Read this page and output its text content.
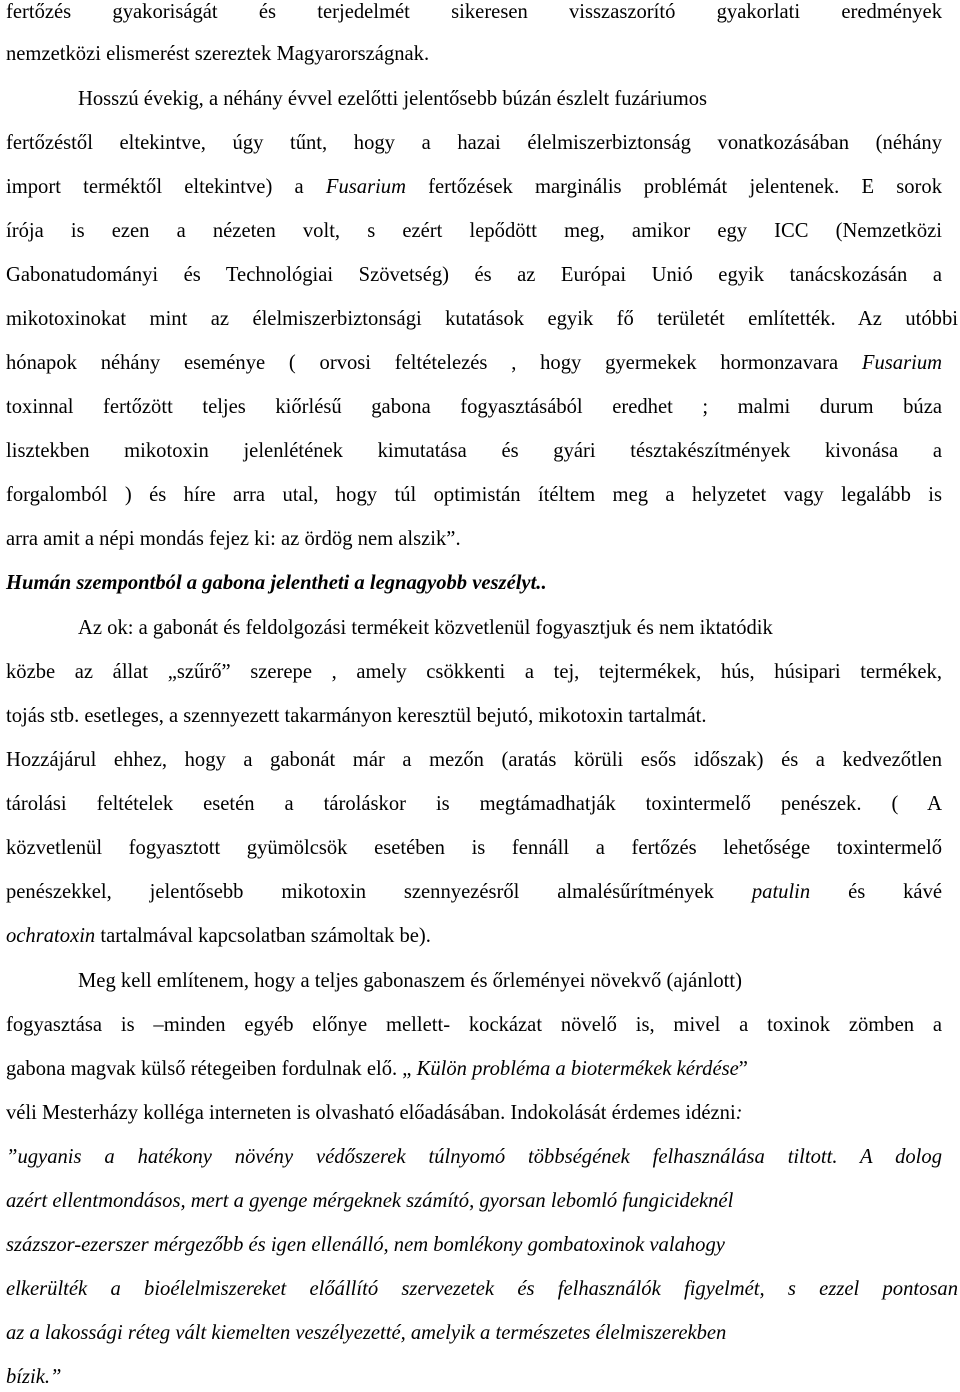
fertőzés gyakoriságát és terjedelmét sikeresen visszaszorító gyakorlati eredmények
nemzetközi elismerést szereztek Magyarországnak.
Hosszú évekig, a néhány évvel ezelőtti jelentősebb búzán észlelt fuzáriumos
fertőzéstől eltekintve, úgy tűnt, hogy a hazai élelmiszerbiztonság vonatkozásában (néhány
import terméktől eltekintve) a Fusarium fertőzések marginális problémát jelentenek. E sorok
írója is ezen a nézeten volt, s ezért lepődött meg, amikor egy ICC (Nemzetközi
Gabonatudományi és Technológiai Szövetség) és az Európai Unió egyik tanácskozásán a
mikotoxinokat mint az élelmiszerbiztonsági kutatások egyik fő területét említették. Az utóbbi
hónapok néhány eseménye ( orvosi feltételezés , hogy gyermekek hormonzavara Fusarium
toxinnal fertőzött teljes kiőrlésű gabona fogyasztásából eredhet ; malmi durum búza
lisztekben mikotoxin jelenlétének kimutatása és gyári tésztakészítmények kivonása a
forgalomból ) és híre arra utal, hogy túl optimistán ítéltem meg a helyzetet vagy legalább is
arra amit a népi mondás fejez ki: az ördög nem alszik”.
Humán szempontból a gabona jelentheti a legnagyobb veszélyt..
Az ok: a gabonát és feldolgozási termékeit közvetlenül fogyasztjuk és nem iktatódik
közbe az állat „szűrő” szerepe , amely csökkenti a tej, tejtermékek, hús, húsipari termékek,
tojás stb. esetleges, a szennyezett takarmányon keresztül bejutó, mikotoxin tartalmát.
Hozzájárul ehhez, hogy a gabonát már a mezőn (aratás körüli esős időszak) és a kedvezőtlen
tárolási feltételek esetén a tároláskor is megtámadhatják toxintermelő penészek. ( A
közvetlenül fogyasztott gyümölcsök esetében is fennáll a fertőzés lehetősége toxintermelő
penészekkel, jelentősebb mikotoxin szennyezésről almalésűrítmények patulin és kávé
ochratoxin tartalmával kapcsolatban számoltak be).
Meg kell említenem, hogy a teljes gabonaszem és őrleményei növekvő (ajánlott)
fogyasztása is –minden egyéb előnye mellett- kockázat növelő is, mivel a toxinok zömben a
gabona magvak külső rétegeiben fordulnak elő. „ Külön probléma a biotermékek kérdése”
véli Mesterházy kollégа interneten is olvasható előadásában. Indokolását érdemes idézni:
”ugyanis a hatékony növény védőszerek túlnyomó többségének felhasználása tiltott. A dolog
azért ellentmondásos, mert a gyenge mérgeknek számító, gyorsan lebomló fungicideknél
százszor-ezerszer mérgezőbb és igen ellenálló, nem bomlékony gombatoxinok valahogy
elkerülték a bioélelmiszereket előállító szervezetek és felhasználók figyelmét, s ezzel pontosan
az a lakossági réteg vált kiemelten veszélyezetté, amelyik a természetes élelmiszerekben
bízik.”
